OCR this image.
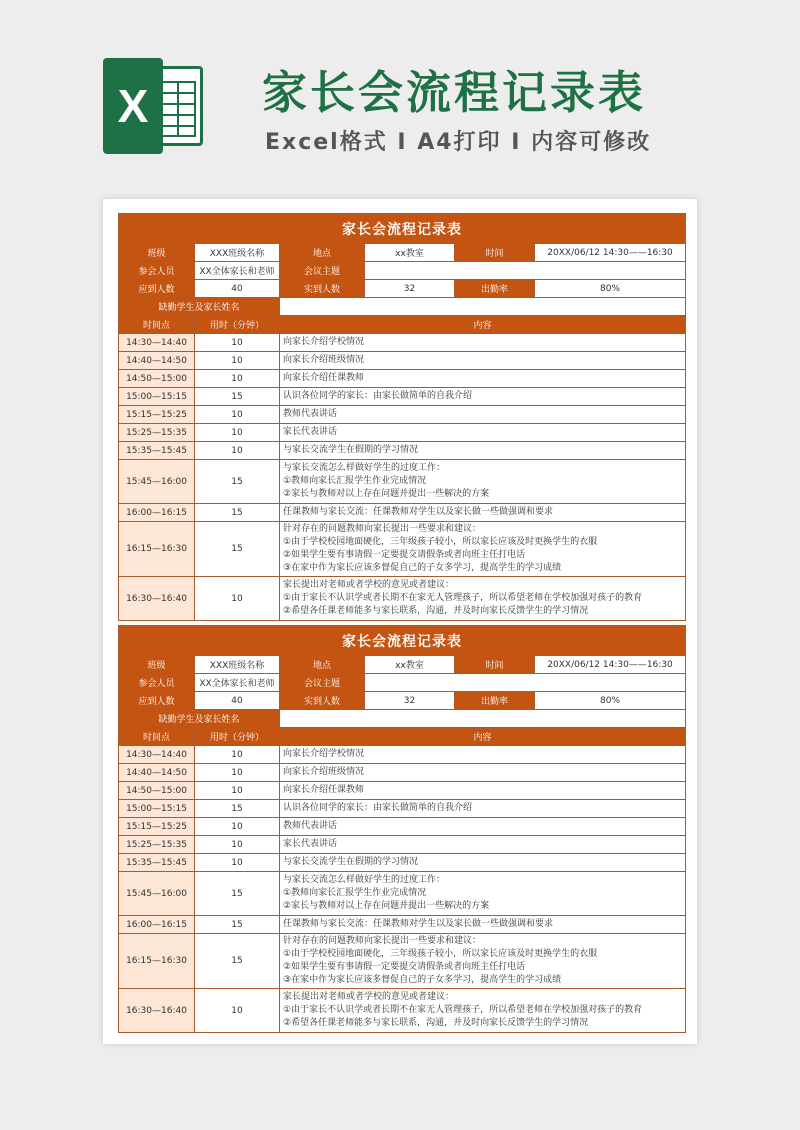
X	家长会流程记录表
Excel格式 I A4打印 I 内容可修改
家长会流程记录表					
班级	XXX班级名称	地点	xx教室	时间	20XX/06/12 14:30——16:30
参会人员	XX全体家长和老师	会议主题			
应到人数	40	实到人数	32	出勤率	80%
缺勤学生及家长姓名					
时间点	用时（分钟）	内容			
14:30—14:40	10	向家长介绍学校情况			

14:40—14:50	10	向家长介绍班级情况			

14:50—15:00	10	向家长介绍任课教师			

15:00—15:15	15	认识各位同学的家长：由家长做简单的自我介绍			

15:15—15:25	10	教师代表讲话			

15:25—15:35	10	家长代表讲话			

15:35—15:45	10	与家长交流学生在假期的学习情况			

15:45—16:00	15	与家长交流怎么样做好学生的过度工作：
①教师向家长汇报学生作业完成情况
②家长与教师对以上存在问题并提出一些解决的方案			

16:00—16:15	15	任课教师与家长交流：任课教师对学生以及家长做一些做强调和要求			

16:15—16:30	15	针对存在的问题教师向家长提出一些要求和建议：
①由于学校校园地面硬化，三年级孩子较小，所以家长应该及时更换学生的衣服
②如果学生要有事请假一定要提交请假条或者向班主任打电话
③在家中作为家长应该多督促自己的子女多学习，提高学生的学习成绩			

16:30—16:40	10	家长提出对老师或者学校的意见或者建议：
①由于家长不认识学或者长期不在家无人管理孩子，所以希望老师在学校加强对孩子的教育
②希望各任课老师能多与家长联系，沟通，并及时向家长反馈学生的学习情况			
家长会流程记录表					
班级	XXX班级名称	地点	xx教室	时间	20XX/06/12 14:30——16:30
参会人员	XX全体家长和老师	会议主题			
应到人数	40	实到人数	32	出勤率	80%
缺勤学生及家长姓名					
时间点	用时（分钟）	内容			
14:30—14:40	10	向家长介绍学校情况			

14:40—14:50	10	向家长介绍班级情况			

14:50—15:00	10	向家长介绍任课教师			

15:00—15:15	15	认识各位同学的家长：由家长做简单的自我介绍			

15:15—15:25	10	教师代表讲话			

15:25—15:35	10	家长代表讲话			

15:35—15:45	10	与家长交流学生在假期的学习情况			

15:45—16:00	15	与家长交流怎么样做好学生的过度工作：
①教师向家长汇报学生作业完成情况
②家长与教师对以上存在问题并提出一些解决的方案			

16:00—16:15	15	任课教师与家长交流：任课教师对学生以及家长做一些做强调和要求			

16:15—16:30	15	针对存在的问题教师向家长提出一些要求和建议：
①由于学校校园地面硬化，三年级孩子较小，所以家长应该及时更换学生的衣服
②如果学生要有事请假一定要提交请假条或者向班主任打电话
③在家中作为家长应该多督促自己的子女多学习，提高学生的学习成绩			

16:30—16:40	10	家长提出对老师或者学校的意见或者建议：
①由于家长不认识学或者长期不在家无人管理孩子，所以希望老师在学校加强对孩子的教育
②希望各任课老师能多与家长联系，沟通，并及时向家长反馈学生的学习情况			
